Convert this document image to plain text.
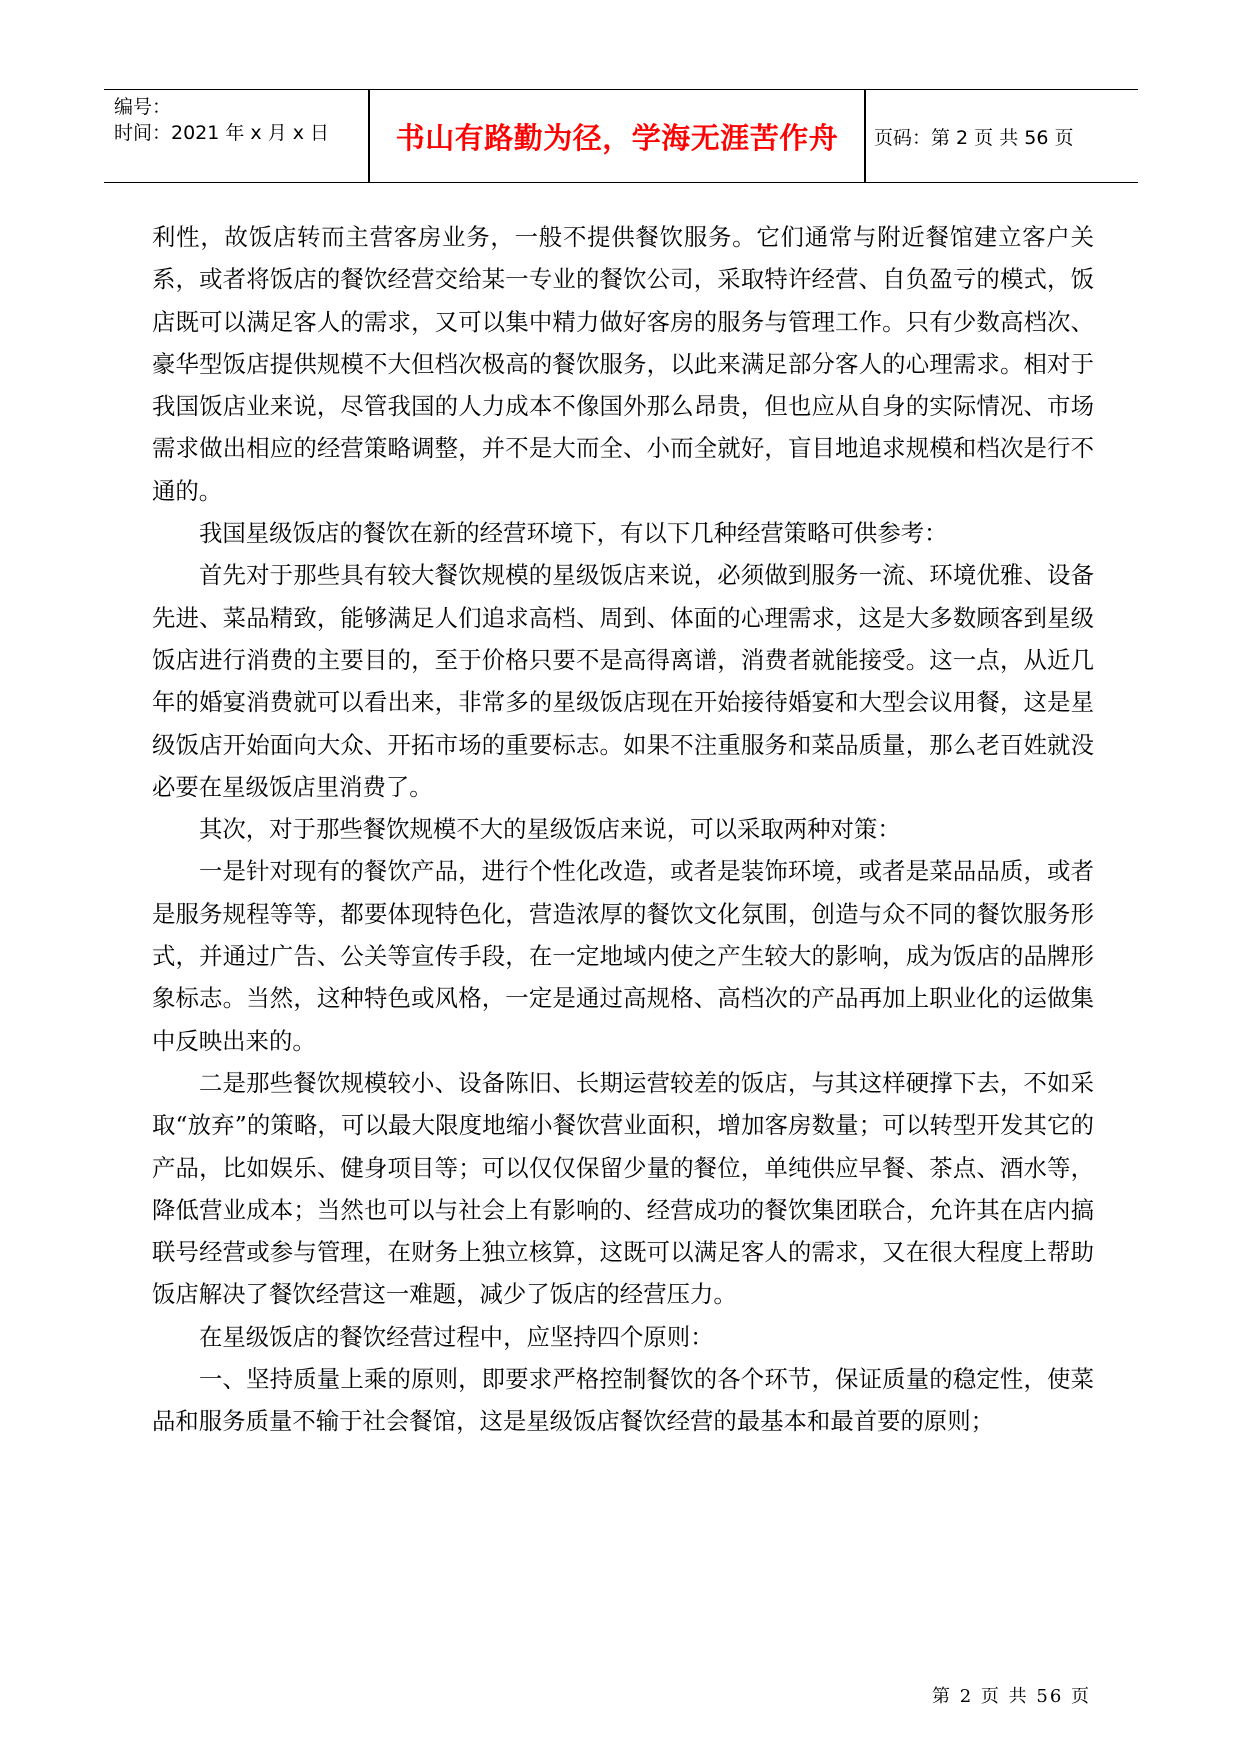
编号：
时间：2021 年 x 月 x 日	书山有路勤为径，学海无涯苦作舟	页码：第 2 页 共 56 页

利性，故饭店转而主营客房业务，一般不提供餐饮服务。它们通常与附近餐馆建立客户关系，或者将饭店的餐饮经营交给某一专业的餐饮公司，采取特许经营、自负盈亏的模式，饭店既可以满足客人的需求，又可以集中精力做好客房的服务与管理工作。只有少数高档次、豪华型饭店提供规模不大但档次极高的餐饮服务，以此来满足部分客人的心理需求。相对于我国饭店业来说，尽管我国的人力成本不像国外那么昂贵，但也应从自身的实际情况、市场需求做出相应的经营策略调整，并不是大而全、小而全就好，盲目地追求规模和档次是行不通的。

我国星级饭店的餐饮在新的经营环境下，有以下几种经营策略可供参考：

首先对于那些具有较大餐饮规模的星级饭店来说，必须做到服务一流、环境优雅、设备先进、菜品精致，能够满足人们追求高档、周到、体面的心理需求，这是大多数顾客到星级饭店进行消费的主要目的，至于价格只要不是高得离谱，消费者就能接受。这一点，从近几年的婚宴消费就可以看出来，非常多的星级饭店现在开始接待婚宴和大型会议用餐，这是星级饭店开始面向大众、开拓市场的重要标志。如果不注重服务和菜品质量，那么老百姓就没必要在星级饭店里消费了。

其次，对于那些餐饮规模不大的星级饭店来说，可以采取两种对策：

一是针对现有的餐饮产品，进行个性化改造，或者是装饰环境，或者是菜品品质，或者是服务规程等等，都要体现特色化，营造浓厚的餐饮文化氛围，创造与众不同的餐饮服务形式，并通过广告、公关等宣传手段，在一定地域内使之产生较大的影响，成为饭店的品牌形象标志。当然，这种特色或风格，一定是通过高规格、高档次的产品再加上职业化的运做集中反映出来的。

二是那些餐饮规模较小、设备陈旧、长期运营较差的饭店，与其这样硬撑下去，不如采取“放弃”的策略，可以最大限度地缩小餐饮营业面积，增加客房数量；可以转型开发其它的产品，比如娱乐、健身项目等；可以仅仅保留少量的餐位，单纯供应早餐、茶点、酒水等，降低营业成本；当然也可以与社会上有影响的、经营成功的餐饮集团联合，允许其在店内搞联号经营或参与管理，在财务上独立核算，这既可以满足客人的需求，又在很大程度上帮助饭店解决了餐饮经营这一难题，减少了饭店的经营压力。

在星级饭店的餐饮经营过程中，应坚持四个原则：

一、坚持质量上乘的原则，即要求严格控制餐饮的各个环节，保证质量的稳定性，使菜品和服务质量不输于社会餐馆，这是星级饭店餐饮经营的最基本和最首要的原则；

第 2 页 共 56 页
